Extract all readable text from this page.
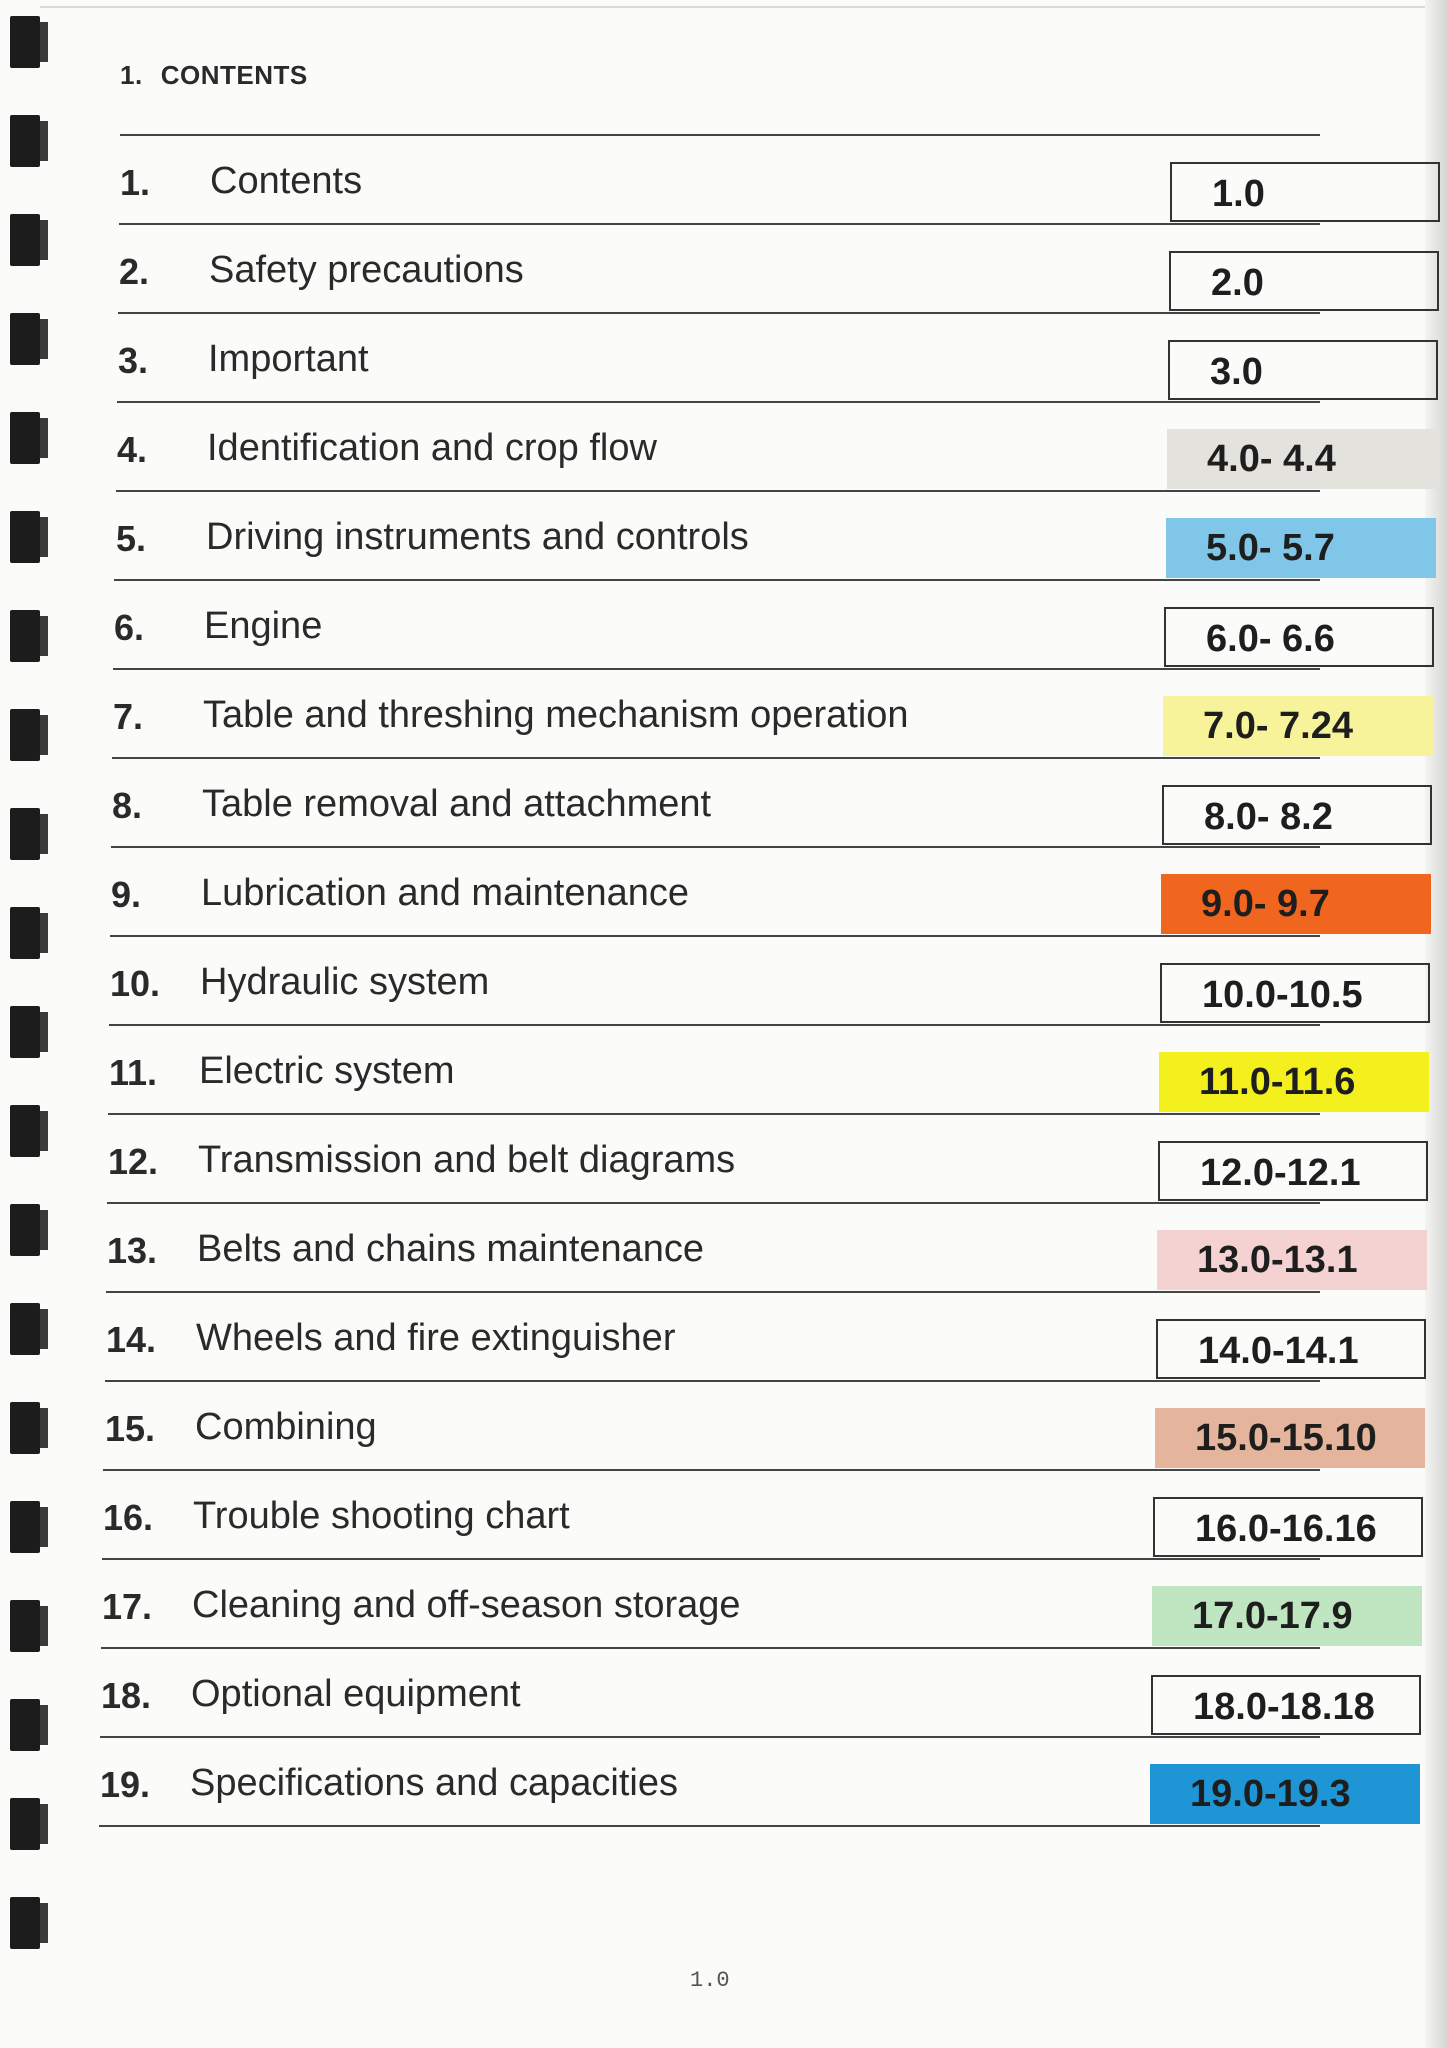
1. CONTENTS
1.	Contents	1.0
2.	Safety precautions	2.0
3.	Important	3.0
4.	Identification and crop flow	4.0- 4.4
5.	Driving instruments and controls	5.0- 5.7
6.	Engine	6.0- 6.6
7.	Table and threshing mechanism operation	7.0- 7.24
8.	Table removal and attachment	8.0- 8.2
9.	Lubrication and maintenance	9.0- 9.7
10.	Hydraulic system	10.0-10.5
11.	Electric system	11.0-11.6
12.	Transmission and belt diagrams	12.0-12.1
13.	Belts and chains maintenance	13.0-13.1
14.	Wheels and fire extinguisher	14.0-14.1
15.	Combining	15.0-15.10
16.	Trouble shooting chart	16.0-16.16
17.	Cleaning and off-season storage	17.0-17.9
18.	Optional equipment	18.0-18.18
19.	Specifications and capacities	19.0-19.3
1.0
